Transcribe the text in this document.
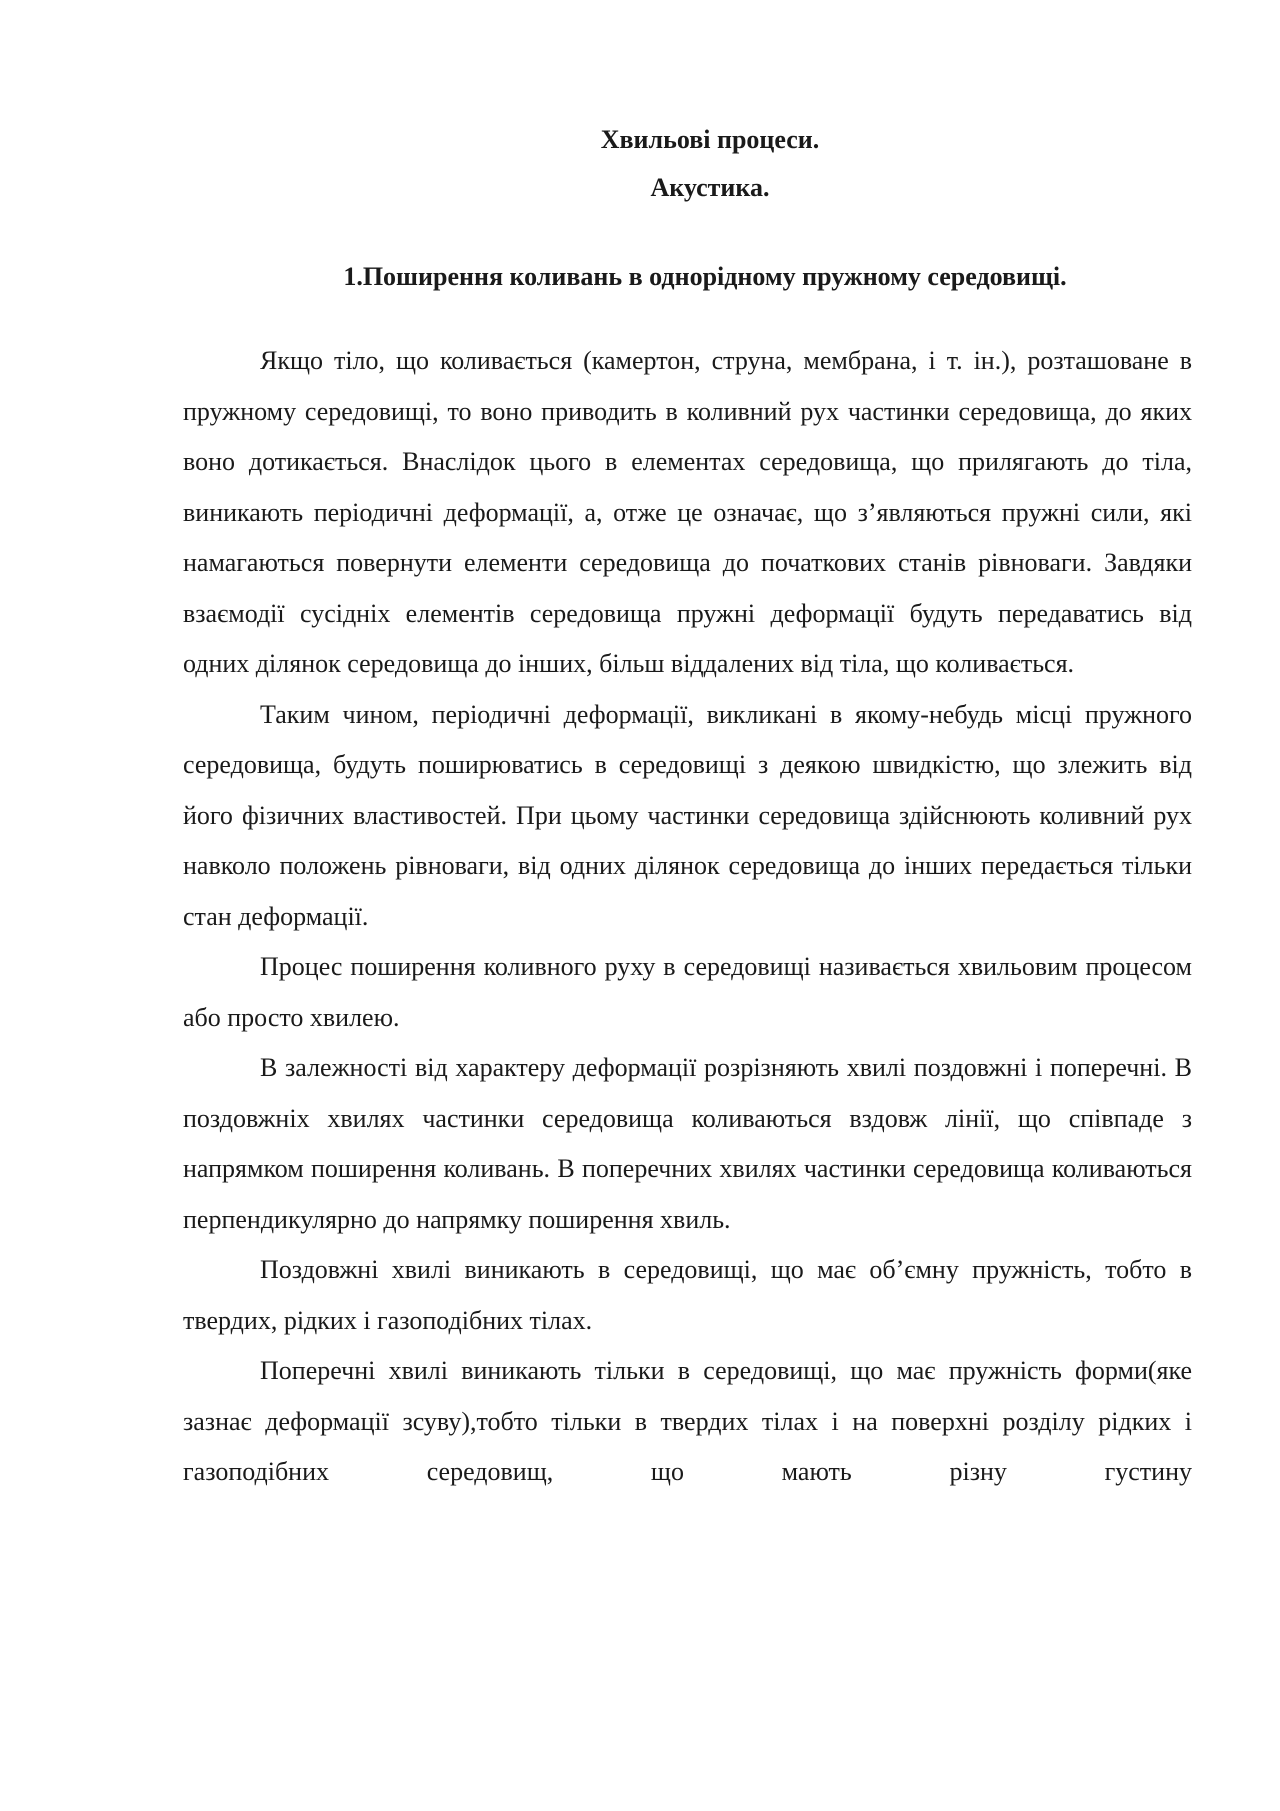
Хвильові процеси.
Акустика.
1.Поширення коливань в однорідному пружному середовищі.

Якщо тіло, що коливається (камертон, струна, мембрана, і т. ін.), розташоване в пружному середовищі, то воно приводить в коливний рух частинки середовища, до яких воно дотикається. Внаслідок цього в елементах середовища, що прилягають до тіла, виникають періодичні деформації, а, отже це означає, що з’являються пружні сили, які намагаються повернути елементи середовища до початкових станів рівноваги. Завдяки взаємодії сусідніх елементів середовища пружні деформації будуть передаватись від одних ділянок середовища до інших, більш віддалених від тіла, що коливається.

Таким чином, періодичні деформації, викликані в якому-небудь місці пружного середовища, будуть поширюватись в середовищі з деякою швидкістю, що злежить від його фізичних властивостей. При цьому частинки середовища здійснюють коливний рух навколо положень рівноваги, від одних ділянок середовища до інших передається тільки стан деформації.

Процес поширення коливного руху в середовищі називається хвильовим процесом або просто хвилею.

В залежності від характеру деформації розрізняють хвилі поздовжні і поперечні. В поздовжніх хвилях частинки середовища коливаються вздовж лінії, що співпаде з напрямком поширення коливань. В поперечних хвилях частинки середовища коливаються перпендикулярно до напрямку поширення хвиль.

Поздовжні хвилі виникають в середовищі, що має об’ємну пружність, тобто в твердих, рідких і газоподібних тілах.

Поперечні хвилі виникають тільки в середовищі, що має пружність форми(яке зазнає деформації зсуву),тобто тільки в твердих тілах і на поверхні розділу рідких і газоподібних середовищ, що мають різну густину
